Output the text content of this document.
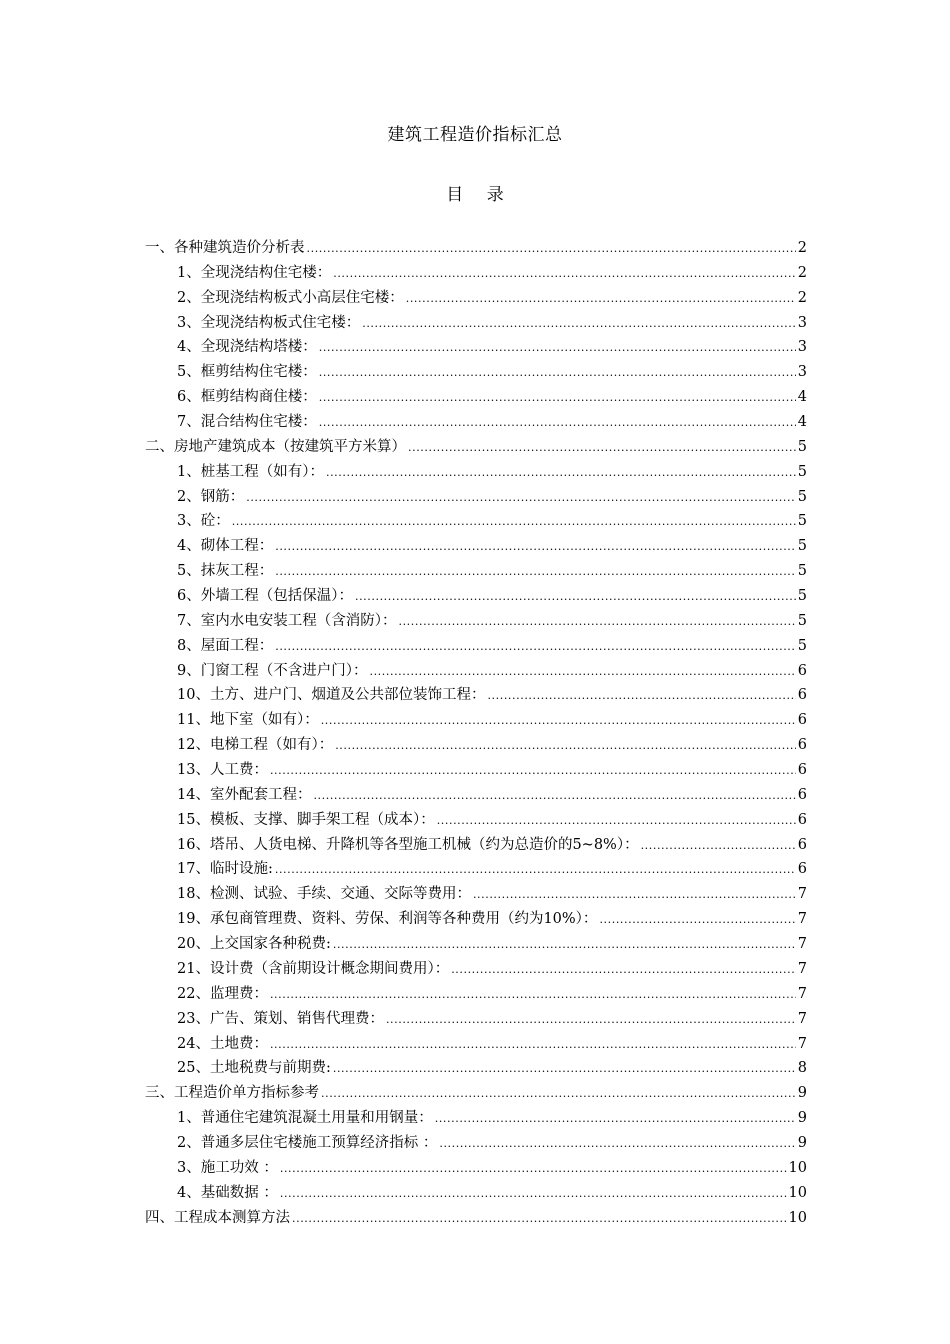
建筑工程造价指标汇总
目 录
一、各种建筑造价分析表 .....	2
1、全现浇结构住宅楼： .....	2
2、全现浇结构板式小高层住宅楼： .....	2
3、全现浇结构板式住宅楼： .....	3
4、全现浇结构塔楼： .....	3
5、框剪结构住宅楼： .....	3
6、框剪结构商住楼： .....	4
7、混合结构住宅楼： .....	4
二、房地产建筑成本（按建筑平方米算） .....	5
1、桩基工程（如有）： .....	5
2、钢筋： .....	5
3、砼： .....	5
4、砌体工程： .....	5
5、抹灰工程： .....	5
6、外墙工程（包括保温）： .....	5
7、室内水电安装工程（含消防）： .....	5
8、屋面工程： .....	5
9、门窗工程（不含进户门）： .....	6
10、土方、进户门、烟道及公共部位装饰工程： .....	6
11、地下室（如有）： .....	6
12、电梯工程（如有）： .....	6
13、人工费： .....	6
14、室外配套工程： .....	6
15、模板、支撑、脚手架工程（成本）： .....	6
16、塔吊、人货电梯、升降机等各型施工机械（约为总造价的5~8%）： .....	6
17、临时设施: .....	6
18、检测、试验、手续、交通、交际等费用： .....	7
19、承包商管理费、资料、劳保、利润等各种费用（约为10%）： .....	7
20、上交国家各种税费: .....	7
21、设计费（含前期设计概念期间费用）： .....	7
22、监理费： .....	7
23、广告、策划、销售代理费： .....	7
24、土地费： .....	7
25、土地税费与前期费: .....	8
三、工程造价单方指标参考 .....	9
1、普通住宅建筑混凝土用量和用钢量： .....	9
2、普通多层住宅楼施工预算经济指标 ： .....	9
3、施工功效 ： .....	10
4、基础数据 ： .....	10
四、工程成本测算方法 .....	10
